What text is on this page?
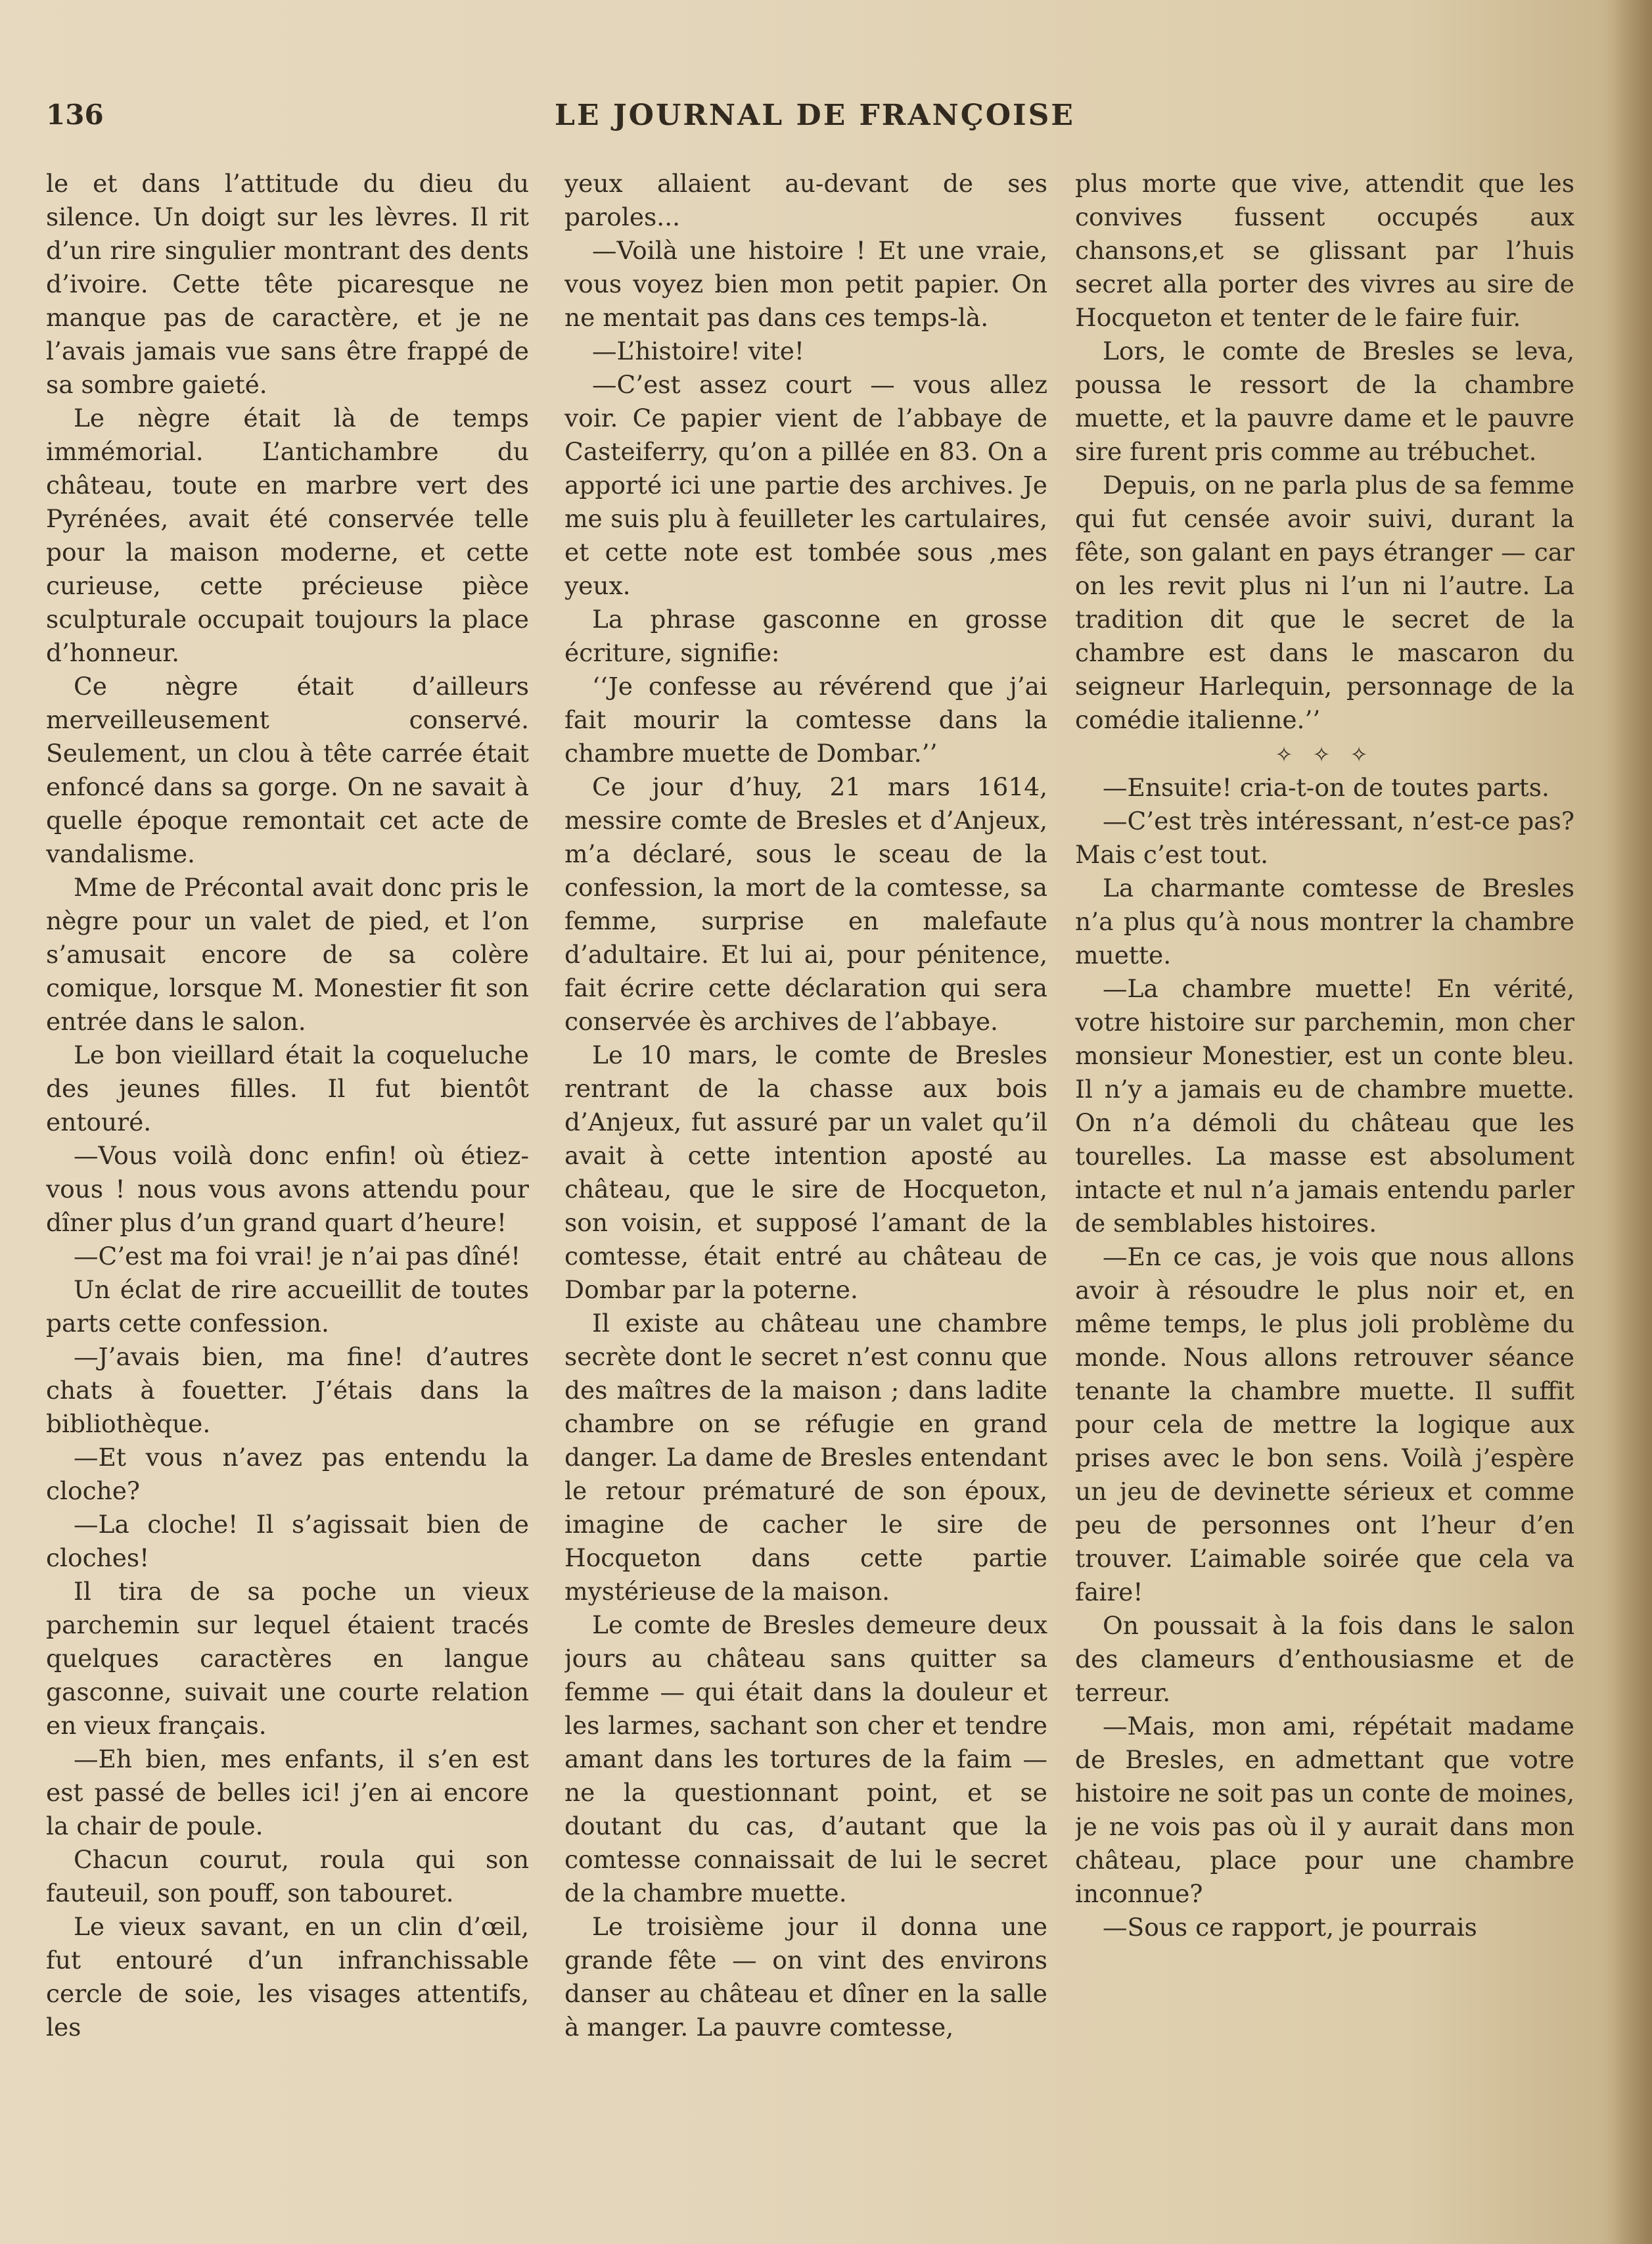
136	LE JOURNAL DE FRANÇOISE

le et dans l’attitude du dieu du silence. Un doigt sur les lèvres. Il rit d’un rire singulier montrant des dents d’ivoire. Cette tête picaresque ne manque pas de caractère, et je ne l’avais jamais vue sans être frappé de sa sombre gaieté.

Le nègre était là de temps immémorial. L’antichambre du château, toute en marbre vert des Pyrénées, avait été conservée telle pour la maison moderne, et cette curieuse, cette précieuse pièce sculpturale occupait toujours la place d’honneur.

Ce nègre était d’ailleurs merveilleusement conservé. Seulement, un clou à tête carrée était enfoncé dans sa gorge. On ne savait à quelle époque remontait cet acte de vandalisme.

Mme de Précontal avait donc pris le nègre pour un valet de pied, et l’on s’amusait encore de sa colère comique, lorsque M. Monestier fit son entrée dans le salon.

Le bon vieillard était la coqueluche des jeunes filles. Il fut bientôt entouré.

—Vous voilà donc enfin! où étiez-vous ! nous vous avons attendu pour dîner plus d’un grand quart d’heure!

—C’est ma foi vrai! je n’ai pas dîné!

Un éclat de rire accueillit de toutes parts cette confession.

—J’avais bien, ma fine! d’autres chats à fouetter. J’étais dans la bibliothèque.

—Et vous n’avez pas entendu la cloche?

—La cloche! Il s’agissait bien de cloches!

Il tira de sa poche un vieux parchemin sur lequel étaient tracés quelques caractères en langue gasconne, suivait une courte relation en vieux français.

—Eh bien, mes enfants, il s’en est est passé de belles ici! j’en ai encore la chair de poule.

Chacun courut, roula qui son fauteuil, son pouff, son tabouret.

Le vieux savant, en un clin d’œil, fut entouré d’un infranchissable cercle de soie, les visages attentifs, les

yeux allaient au-devant de ses paroles...

—Voilà une histoire ! Et une vraie, vous voyez bien mon petit papier. On ne mentait pas dans ces temps-là.

—L’histoire! vite!

—C’est assez court — vous allez voir. Ce papier vient de l’abbaye de Casteiferry, qu’on a pillée en 83. On a apporté ici une partie des archives. Je me suis plu à feuilleter les cartulaires, et cette note est tombée sous ,mes yeux.

La phrase gasconne en grosse écriture, signifie:

‘‘Je confesse au révérend que j’ai fait mourir la comtesse dans la chambre muette de Dombar.’’

Ce jour d’huy, 21 mars 1614, messire comte de Bresles et d’Anjeux, m’a déclaré, sous le sceau de la confession, la mort de la comtesse, sa femme, surprise en malefaute d’adultaire. Et lui ai, pour pénitence, fait écrire cette déclaration qui sera conservée ès archives de l’abbaye.

Le 10 mars, le comte de Bresles rentrant de la chasse aux bois d’Anjeux, fut assuré par un valet qu’il avait à cette intention aposté au château, que le sire de Hocqueton, son voisin, et supposé l’amant de la comtesse, était entré au château de Dombar par la poterne.

Il existe au château une chambre secrète dont le secret n’est connu que des maîtres de la maison ; dans ladite chambre on se réfugie en grand danger. La dame de Bresles entendant le retour prématuré de son époux, imagine de cacher le sire de Hocqueton dans cette partie mystérieuse de la maison.

Le comte de Bresles demeure deux jours au château sans quitter sa femme — qui était dans la douleur et les larmes, sachant son cher et tendre amant dans les tortures de la faim — ne la questionnant point, et se doutant du cas, d’autant que la comtesse connaissait de lui le secret de la chambre muette.

Le troisième jour il donna une grande fête — on vint des environs danser au château et dîner en la salle à manger. La pauvre comtesse,

plus morte que vive, attendit que les convives fussent occupés aux chansons,et se glissant par l’huis secret alla porter des vivres au sire de Hocqueton et tenter de le faire fuir.

Lors, le comte de Bresles se leva, poussa le ressort de la chambre muette, et la pauvre dame et le pauvre sire furent pris comme au trébuchet.

Depuis, on ne parla plus de sa femme qui fut censée avoir suivi, durant la fête, son galant en pays étranger — car on les revit plus ni l’un ni l’autre. La tradition dit que le secret de la chambre est dans le mascaron du seigneur Harlequin, personnage de la comédie italienne.’’

✧ ✧ ✧

—Ensuite! cria-t-on de toutes parts.

—C’est très intéressant, n’est-ce pas? Mais c’est tout.

La charmante comtesse de Bresles n’a plus qu’à nous montrer la chambre muette.

—La chambre muette! En vérité, votre histoire sur parchemin, mon cher monsieur Monestier, est un conte bleu. Il n’y a jamais eu de chambre muette. On n’a démoli du château que les tourelles. La masse est absolument intacte et nul n’a jamais entendu parler de semblables histoires.

—En ce cas, je vois que nous allons avoir à résoudre le plus noir et, en même temps, le plus joli problème du monde. Nous allons retrouver séance tenante la chambre muette. Il suffit pour cela de mettre la logique aux prises avec le bon sens. Voilà j’espère un jeu de devinette sérieux et comme peu de personnes ont l’heur d’en trouver. L’aimable soirée que cela va faire!

On poussait à la fois dans le salon des clameurs d’enthousiasme et de terreur.

—Mais, mon ami, répétait madame de Bresles, en admettant que votre histoire ne soit pas un conte de moines, je ne vois pas où il y aurait dans mon château, place pour une chambre inconnue?

—Sous ce rapport, je pourrais
